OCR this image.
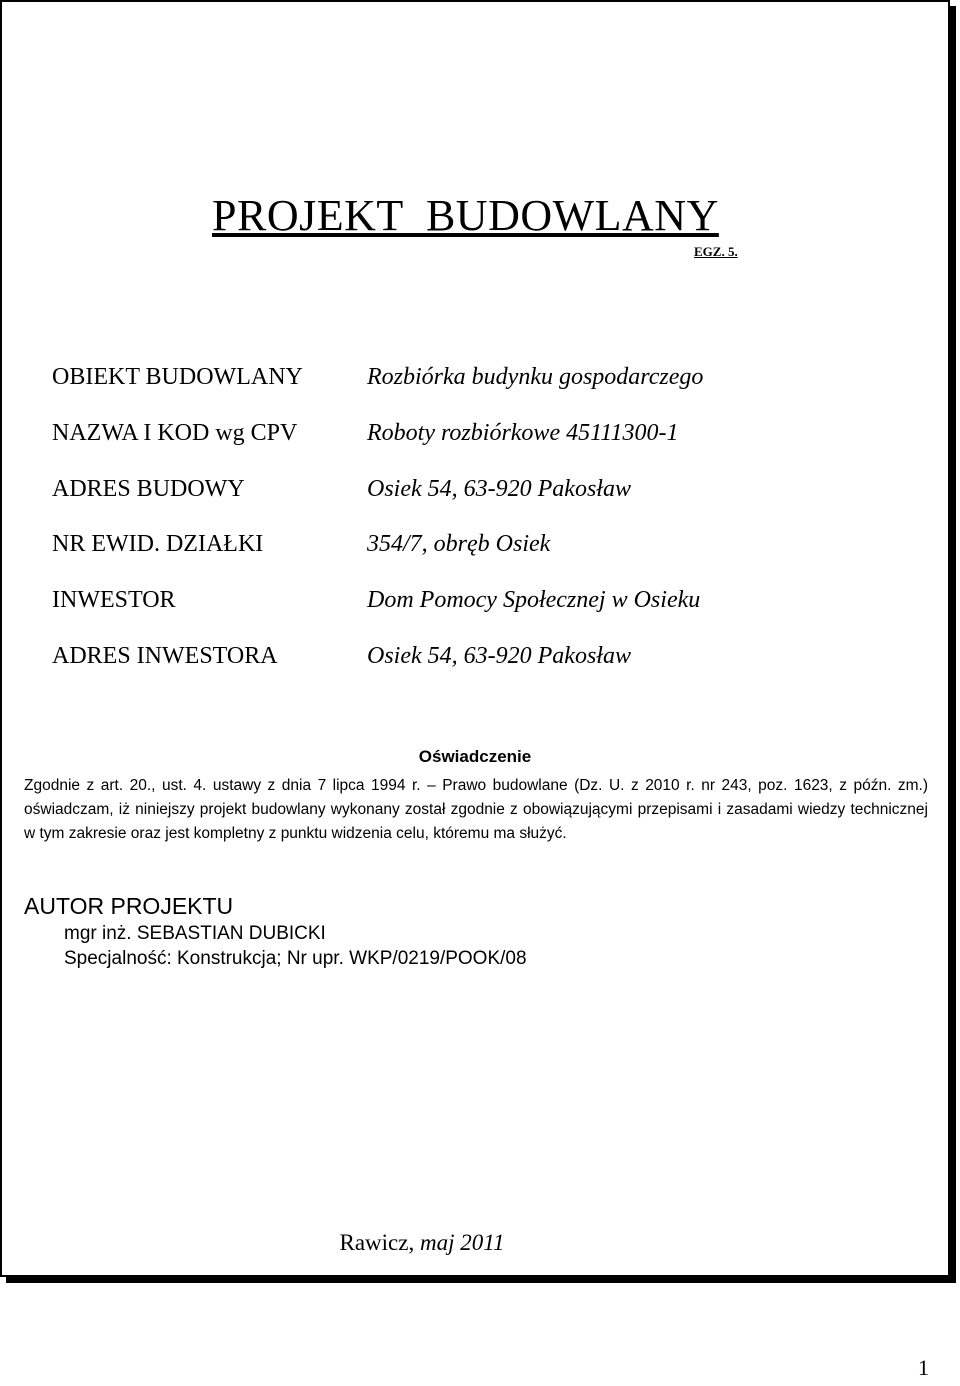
PROJEKT  BUDOWLANY
EGZ. 5.
OBIEKT BUDOWLANY	Rozbiórka budynku gospodarczego
NAZWA I KOD wg CPV	Roboty rozbiórkowe 45111300-1
ADRES BUDOWY	Osiek 54, 63-920 Pakosław
NR EWID. DZIAŁKI	354/7, obręb Osiek
INWESTOR	Dom Pomocy Społecznej w Osieku
ADRES INWESTORA	Osiek 54, 63-920 Pakosław
Oświadczenie
Zgodnie z art. 20., ust. 4. ustawy z dnia 7 lipca 1994 r. – Prawo budowlane (Dz. U. z 2010 r. nr 243, poz. 1623, z późn. zm.) oświadczam, iż niniejszy projekt budowlany wykonany został zgodnie z obowiązującymi przepisami i zasadami wiedzy technicznej w tym zakresie oraz jest kompletny z punktu widzenia celu, któremu ma służyć.
AUTOR PROJEKTU
mgr inż. SEBASTIAN DUBICKI
Specjalność: Konstrukcja; Nr upr. WKP/0219/POOK/08
Rawicz, maj 2011
1
